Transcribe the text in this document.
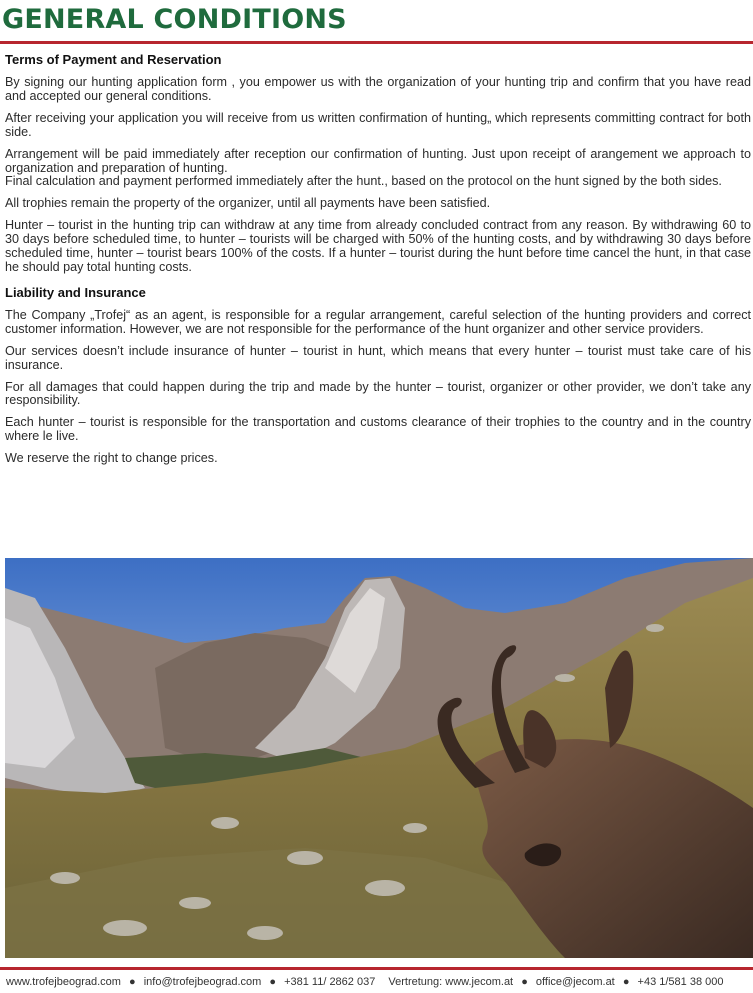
GENERAL CONDITIONS
Terms of Payment and Reservation

By signing our hunting application form , you empower us with the organization of your hunting trip and confirm that you have read and accepted our general conditions.

After receiving your application you will receive from us written confirmation of hunting„ which represents committing contract for both side.

Arrangement will be paid immediately after reception our confirmation of hunting. Just upon receipt of arangement we approach to organization and preparation of hunting.

Final calculation and payment performed immediately after the hunt., based on the protocol on the hunt signed by the both sides.

All trophies remain the property of the organizer, until all payments have been satisfied.

Hunter – tourist in the hunting trip can withdraw at any time from already concluded contract from any reason. By withdrawing 60 to 30 days before scheduled time, to hunter – tourists will be charged with 50% of the hunting costs, and by withdrawing 30 days before scheduled time, hunter – tourist bears 100% of the costs. If a hunter – tourist during the hunt before time cancel the hunt, in that case he should pay total hunting costs.

Liability and Insurance

The Company „Trofej“ as an agent, is responsible for a regular arrangement, careful selection of the hunting providers and correct customer information. However, we are not responsible for the performance of the hunt organizer and other service providers.

Our services doesn’t include insurance of hunter – tourist in hunt, which means that every hunter – tourist must take care of his insurance.

For all damages that could happen during the trip and made by the hunter – tourist, organizer or other provider, we don’t take any responsibility.

Each hunter – tourist is responsible for the transportation and customs clearance of their trophies to the country and in the country where le live.

We reserve the right to change prices.

www.trofejbeograd.com ● info@trofejbeograd.com ● +381 11/ 2862 037 Vertretung: www.jecom.at ● office@jecom.at ● +43 1/581 38 000
